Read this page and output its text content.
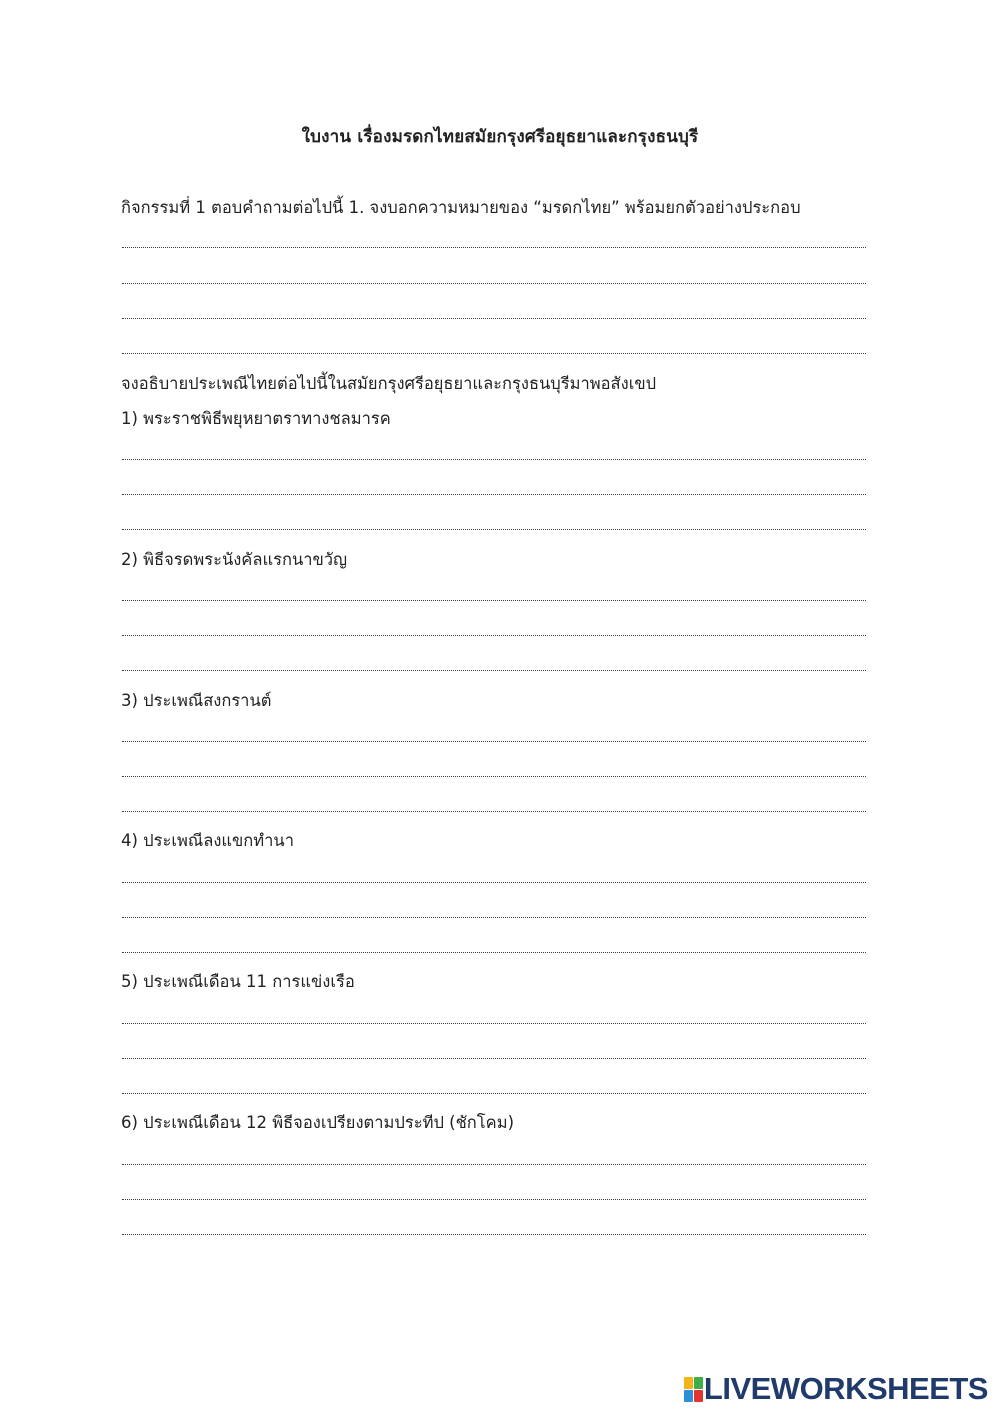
ใบงาน เรื่องมรดกไทยสมัยกรุงศรีอยุธยาและกรุงธนบุรี
กิจกรรมที่ 1 ตอบคำถามต่อไปนี้ 1. จงบอกความหมายของ “มรดกไทย” พร้อมยกตัวอย่างประกอบ
จงอธิบายประเพณีไทยต่อไปนี้ในสมัยกรุงศรีอยุธยาและกรุงธนบุรีมาพอสังเขป
1) พระราชพิธีพยุหยาตราทางชลมารค
2) พิธีจรดพระนังคัลแรกนาขวัญ
3) ประเพณีสงกรานต์
4) ประเพณีลงแขกทำนา
5) ประเพณีเดือน 11 การแข่งเรือ
6) ประเพณีเดือน 12 พิธีจองเปรียงตามประทีป (ชักโคม)
LIVEWORKSHEETS
